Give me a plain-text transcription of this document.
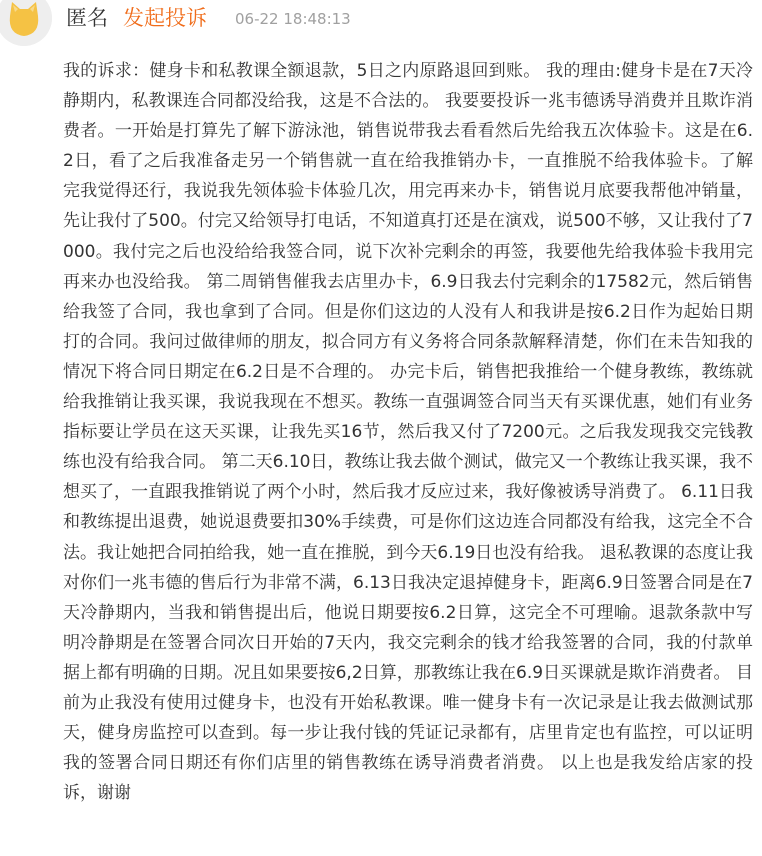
匿名 发起投诉 06-22 18:48:13

我的诉求：健身卡和私教课全额退款，5日之内原路退回到账。 我的理由:健身卡是在7天冷静期内，私教课连合同都没给我，这是不合法的。 我要要投诉一兆韦德诱导消费并且欺诈消费者。一开始是打算先了解下游泳池，销售说带我去看看然后先给我五次体验卡。这是在6.2日，看了之后我准备走另一个销售就一直在给我推销办卡，一直推脱不给我体验卡。了解完我觉得还行，我说我先领体验卡体验几次，用完再来办卡，销售说月底要我帮他冲销量，先让我付了500。付完又给领导打电话，不知道真打还是在演戏，说500不够，又让我付了7000。我付完之后也没给给我签合同，说下次补完剩余的再签，我要他先给我体验卡我用完再来办也没给我。 第二周销售催我去店里办卡，6.9日我去付完剩余的17582元，然后销售给我签了合同，我也拿到了合同。但是你们这边的人没有人和我讲是按6.2日作为起始日期打的合同。我问过做律师的朋友，拟合同方有义务将合同条款解释清楚，你们在未告知我的情况下将合同日期定在6.2日是不合理的。 办完卡后，销售把我推给一个健身教练，教练就给我推销让我买课，我说我现在不想买。教练一直强调签合同当天有买课优惠，她们有业务指标要让学员在这天买课，让我先买16节，然后我又付了7200元。之后我发现我交完钱教练也没有给我合同。 第二天6.10日，教练让我去做个测试，做完又一个教练让我买课，我不想买了，一直跟我推销说了两个小时，然后我才反应过来，我好像被诱导消费了。 6.11日我和教练提出退费，她说退费要扣30%手续费，可是你们这边连合同都没有给我，这完全不合法。我让她把合同拍给我，她一直在推脱，到今天6.19日也没有给我。 退私教课的态度让我对你们一兆韦德的售后行为非常不满，6.13日我决定退掉健身卡，距离6.9日签署合同是在7天冷静期内，当我和销售提出后，他说日期要按6.2日算，这完全不可理喻。退款条款中写明冷静期是在签署合同次日开始的7天内，我交完剩余的钱才给我签署的合同，我的付款单据上都有明确的日期。况且如果要按6,2日算，那教练让我在6.9日买课就是欺诈消费者。 目前为止我没有使用过健身卡，也没有开始私教课。唯一健身卡有一次记录是让我去做测试那天，健身房监控可以查到。每一步让我付钱的凭证记录都有，店里肯定也有监控，可以证明我的签署合同日期还有你们店里的销售教练在诱导消费者消费。 以上也是我发给店家的投诉，谢谢
